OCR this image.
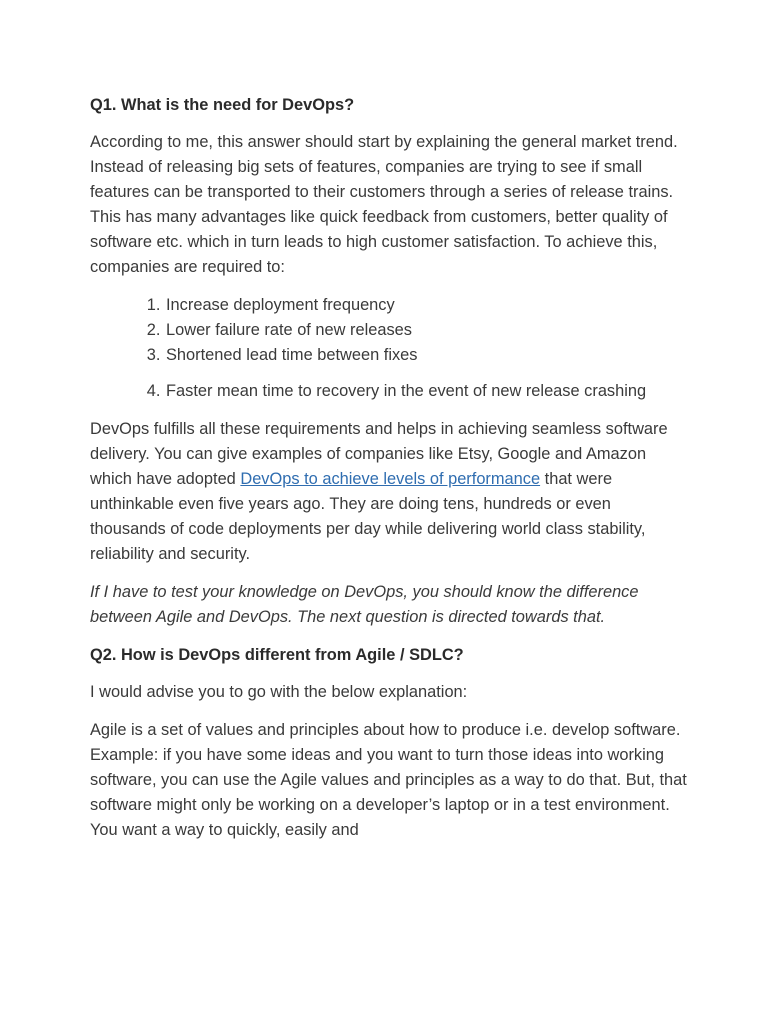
Q1. What is the need for DevOps?

According to me, this answer should start by explaining the general market trend. Instead of releasing big sets of features, companies are trying to see if small features can be transported to their customers through a series of release trains. This has many advantages like quick feedback from customers, better quality of software etc. which in turn leads to high customer satisfaction. To achieve this, companies are required to:

1. Increase deployment frequency
2. Lower failure rate of new releases
3. Shortened lead time between fixes
4. Faster mean time to recovery in the event of new release crashing

DevOps fulfills all these requirements and helps in achieving seamless software delivery. You can give examples of companies like Etsy, Google and Amazon which have adopted DevOps to achieve levels of performance that were unthinkable even five years ago. They are doing tens, hundreds or even thousands of code deployments per day while delivering world class stability, reliability and security.

If I have to test your knowledge on DevOps, you should know the difference between Agile and DevOps. The next question is directed towards that.

Q2. How is DevOps different from Agile / SDLC?

I would advise you to go with the below explanation:

Agile is a set of values and principles about how to produce i.e. develop software. Example: if you have some ideas and you want to turn those ideas into working software, you can use the Agile values and principles as a way to do that. But, that software might only be working on a developer’s laptop or in a test environment. You want a way to quickly, easily and
